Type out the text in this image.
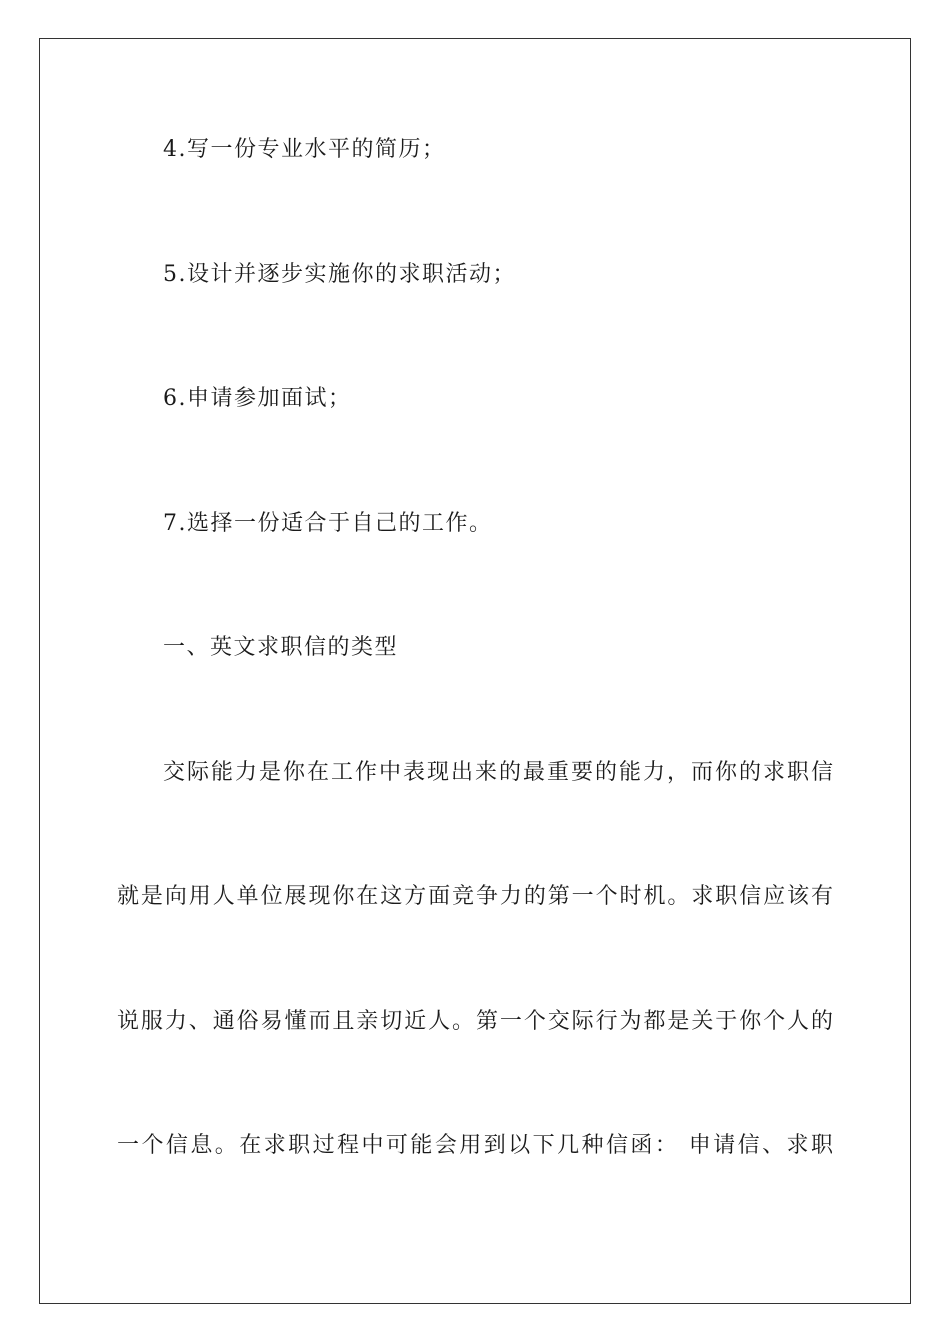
4.写一份专业水平的简历；
5.设计并逐步实施你的求职活动；
6.申请参加面试；
7.选择一份适合于自己的工作。
一、英文求职信的类型
交际能力是你在工作中表现出来的最重要的能力，而你的求职信
就是向用人单位展现你在这方面竞争力的第一个时机。求职信应该有
说服力、通俗易懂而且亲切近人。第一个交际行为都是关于你个人的
一个信息。在求职过程中可能会用到以下几种信函： 申请信、求职
